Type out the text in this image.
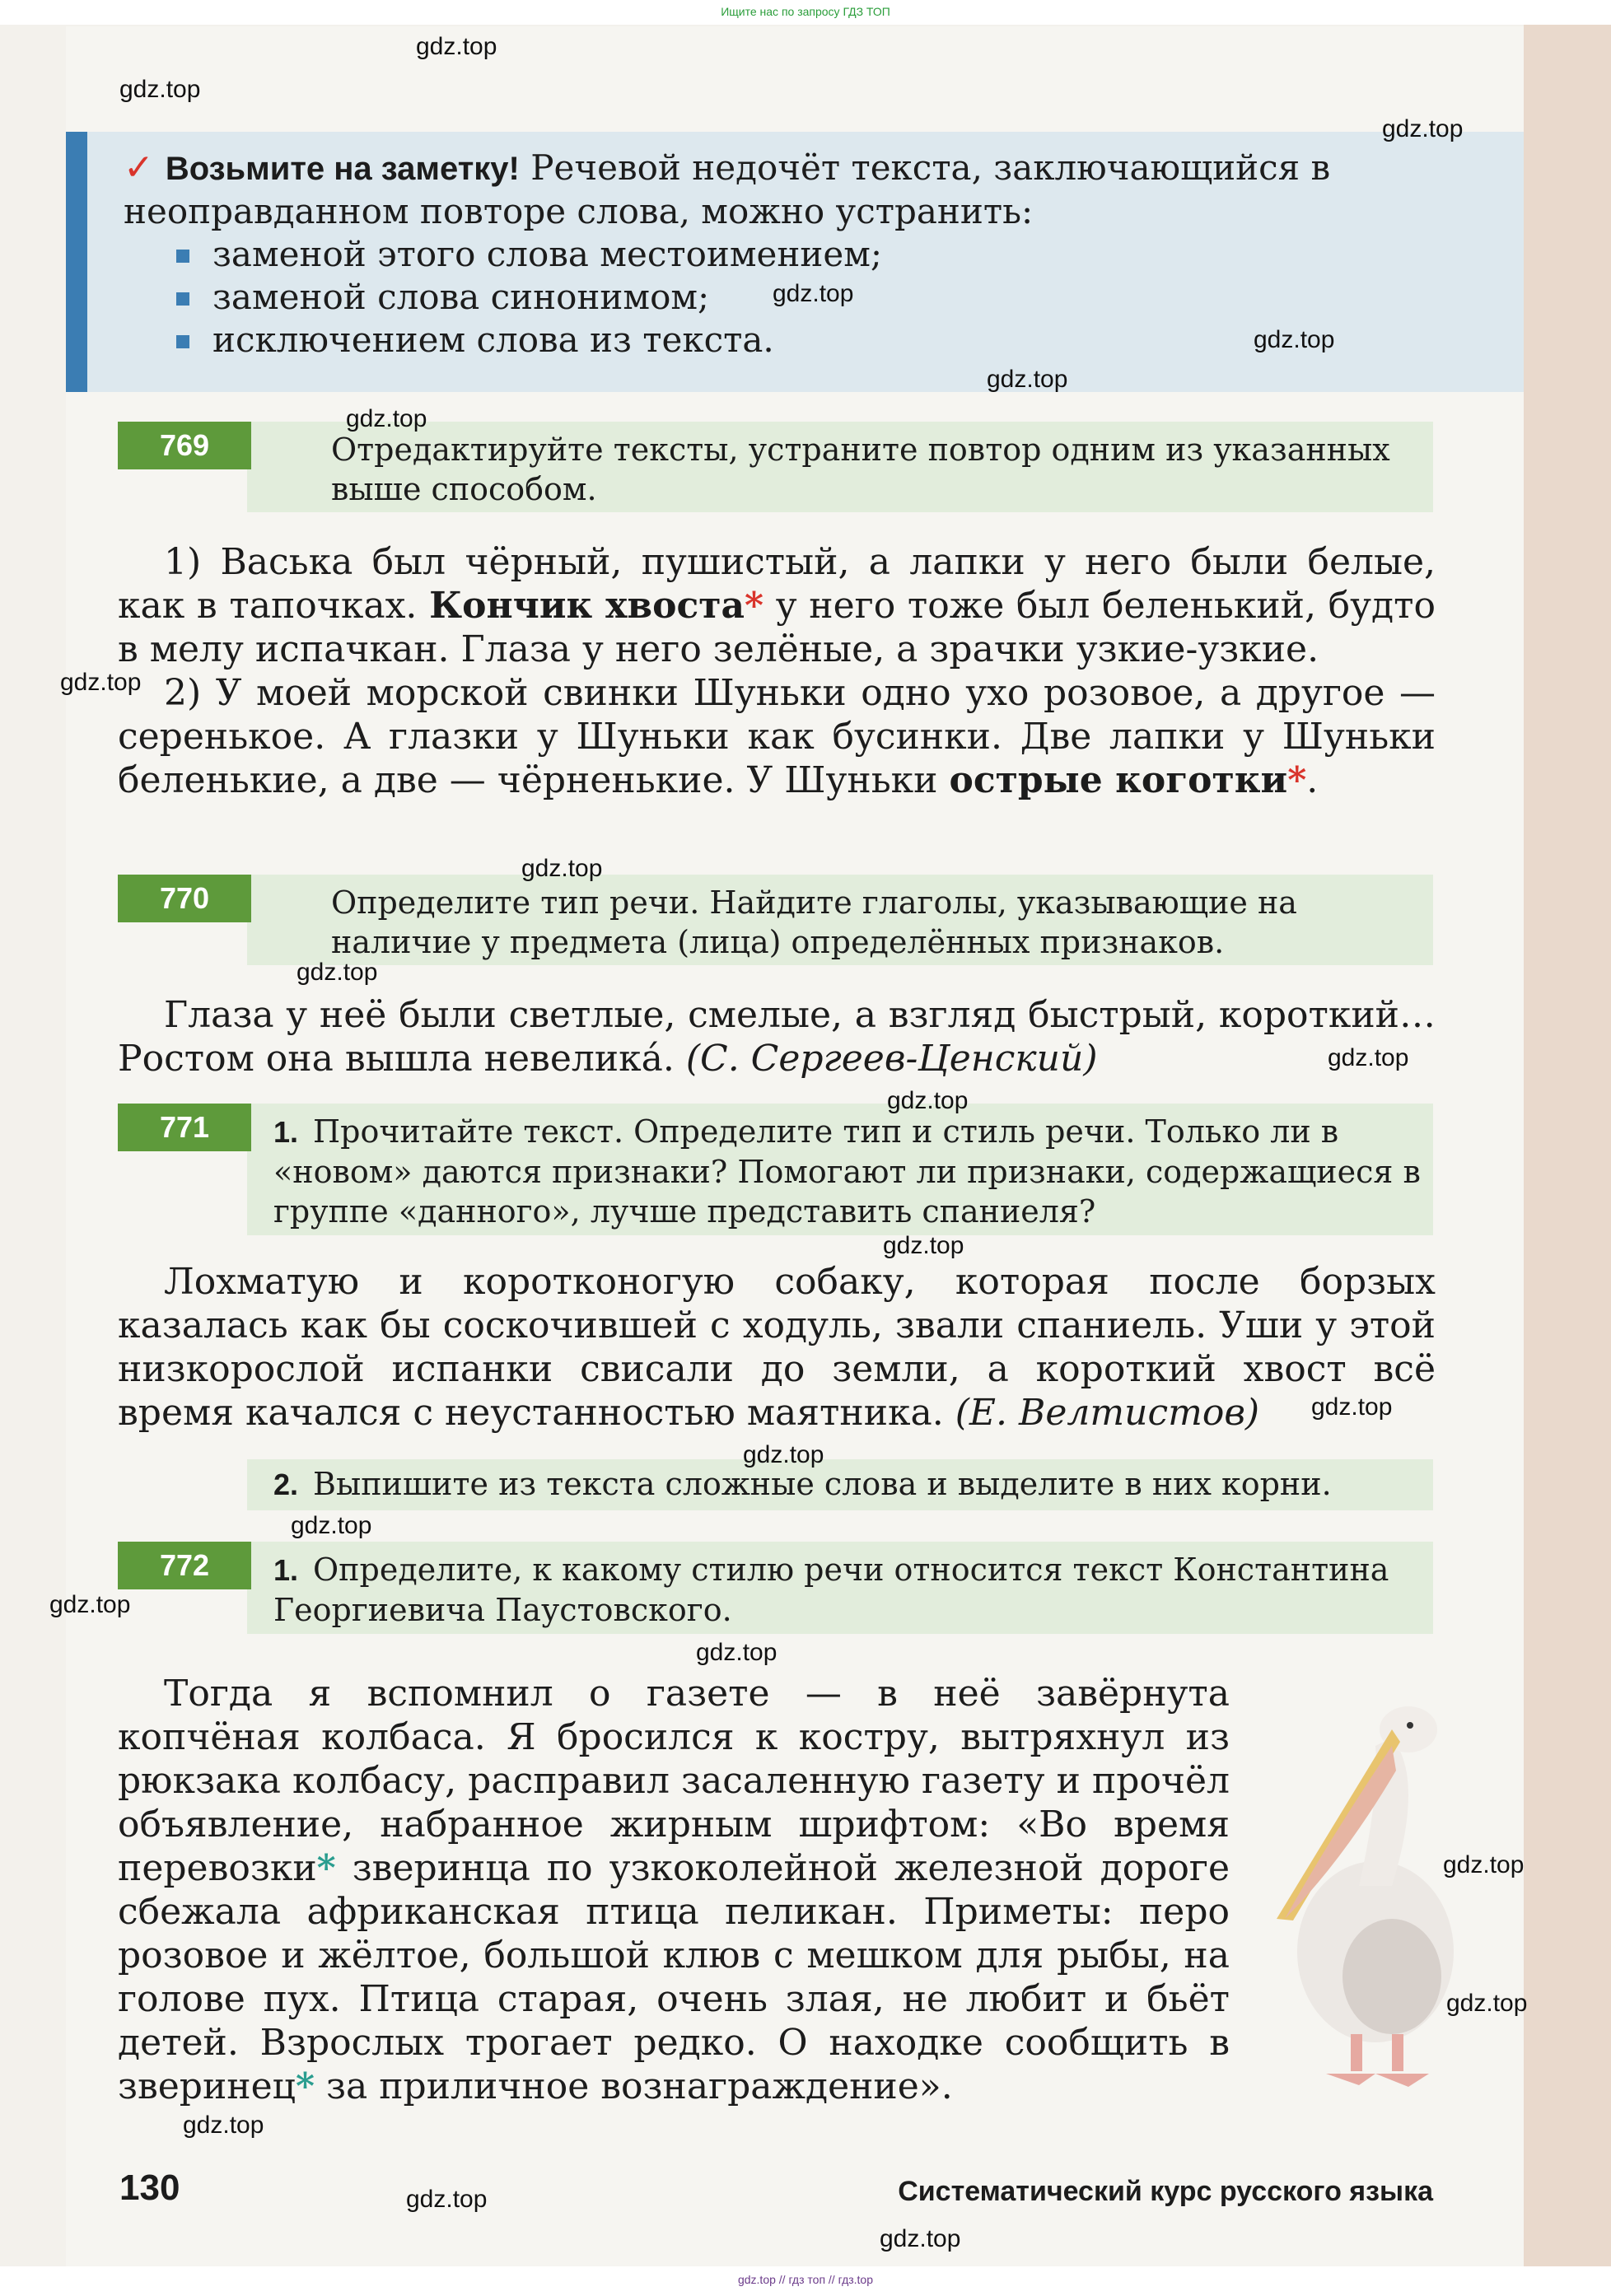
Ищите нас по запросу ГДЗ ТОП
gdz.top // гдз топ // гдз.top
✓ Возьмите на заметку! Речевой недочёт текста, заключающийся в неоправданном повторе слова, можно устранить:
заменой этого слова местоимением;
заменой слова синонимом;
исключением слова из текста.
769	Отредактируйте тексты, устраните повтор одним из указанных выше способом.

1) Васька был чёрный, пушистый, а лапки у него были белые, как в тапочках. Кончик хвоста* у него тоже был беленький, будто в мелу испачкан. Глаза у него зелёные, а зрачки узкие-узкие.

2) У моей морской свинки Шуньки одно ухо розовое, а другое — серенькое. А глазки у Шуньки как бусинки. Две лапки у Шуньки беленькие, а две — чёрненькие. У Шуньки острые коготки*.

770	Определите тип речи. Найдите глаголы, указывающие на наличие у предмета (лица) определённых признаков.

Глаза у неё были светлые, смелые, а взгляд быстрый, короткий… Ростом она вышла невеликá. (С. Сергеев-Ценский)

771	1. Прочитайте текст. Определите тип и стиль речи. Только ли в «новом» даются признаки? Помогают ли признаки, содержащиеся в группе «данного», лучше представить спаниеля?

Лохматую и коротконогую собаку, которая после борзых казалась как бы соскочившей с ходуль, звали спаниель. Уши у этой низкорослой испанки свисали до земли, а короткий хвост всё время качался с неустанностью маятника. (Е. Велтистов)

2. Выпишите из текста сложные слова и выделите в них корни.
772	1. Определите, к какому стилю речи относится текст Константина Георгиевича Паустовского.

Тогда я вспомнил о газете — в неё завёрнута копчёная колбаса. Я бросился к костру, вытряхнул из рюкзака колбасу, расправил засаленную газету и прочёл объявление, набранное жирным шрифтом: «Во время перевозки* зверинца по узкоколейной железной дороге сбежала африканская птица пеликан. Приметы: перо розовое и жёлтое, большой клюв с мешком для рыбы, на голове пух. Птица старая, очень злая, не любит и бьёт детей. Взрослых трогает редко. О находке сообщить в зверинец* за приличное вознаграждение».

130	Систематический курс русского языка
gdz.top
gdz.top
gdz.top
gdz.top
gdz.top
gdz.top
gdz.top
gdz.top
gdz.top
gdz.top
gdz.top
gdz.top
gdz.top
gdz.top
gdz.top
gdz.top
gdz.top
gdz.top
gdz.top
gdz.top
gdz.top
gdz.top
gdz.top
